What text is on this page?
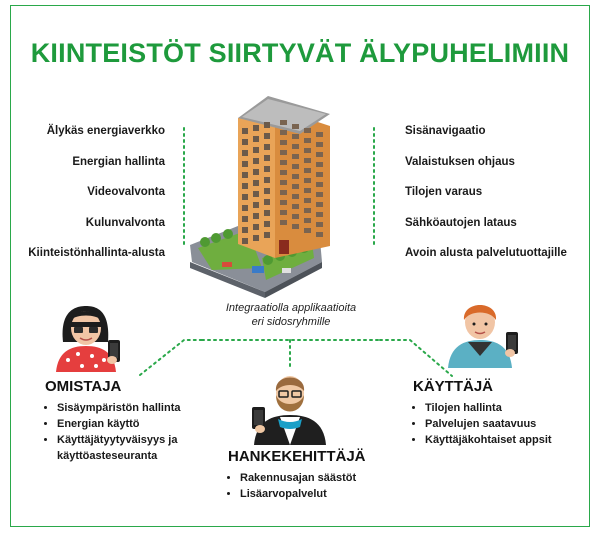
KIINTEISTÖT SIIRTYVÄT ÄLYPUHELIMIIN
Älykäs energiaverkko
Energian hallinta
Videovalvonta
Kulunvalvonta
Kiinteistönhallinta-alusta
Sisänavigaatio
Valaistuksen ohjaus
Tilojen varaus
Sähköautojen lataus
Avoin alusta palvelutuottajille
Integraatiolla applikaatioita
eri sidosryhmille
OMISTAJA
• Sisäympäristön hallinta
• Energian käyttö
• Käyttäjätyytyväisyys ja käyttöasteseuranta	HANKEKEHITTÄJÄ
• Rakennusajan säästöt
• Lisäarvopalvelut
KÄYTTÄJÄ
• Tilojen hallinta
• Palvelujen saatavuus
• Käyttäjäkohtaiset appsit
